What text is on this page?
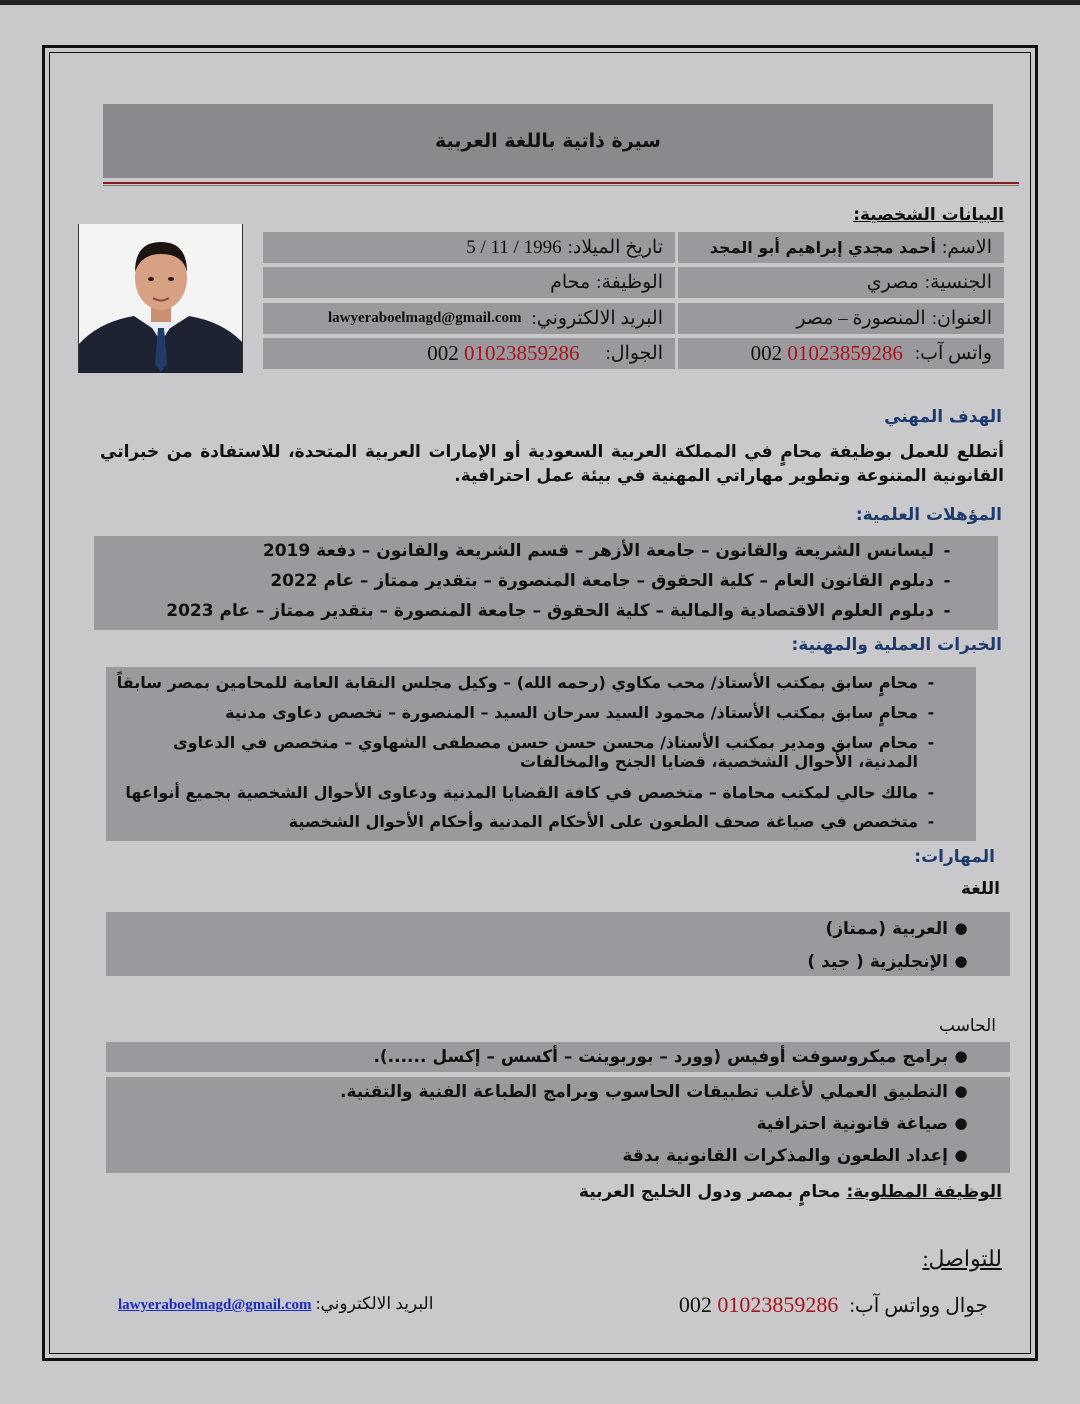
سيرة ذاتية باللغة العربية
البيانات الشخصية:
الاسم:
أحمد مجدي إبراهيم أبو المجد
تاريخ الميلاد:
5 / 11 / 1996
الجنسية:
مصري
الوظيفة:
محام
العنوان:
المنصورة – مصر
البريد الالكتروني:
lawyeraboelmagd@gmail.com
واتس آب:
002 01023859286
الجوال:
002 01023859286
الهدف المهني
أتطلع للعمل بوظيفة محامٍ في المملكة العربية السعودية أو الإمارات العربية المتحدة، للاستفادة من خبراتي القانونية المتنوعة وتطوير مهاراتي المهنية في بيئة عمل احترافية.
المؤهلات العلمية:
-
ليسانس الشريعة والقانون – جامعة الأزهر – قسم الشريعة والقانون – دفعة 2019
-
دبلوم القانون العام – كلية الحقوق – جامعة المنصورة – بتقدير ممتاز – عام 2022
-
دبلوم العلوم الاقتصادية والمالية – كلية الحقوق – جامعة المنصورة – بتقدير ممتاز – عام 2023
الخبرات العملية والمهنية:
-
محامٍ سابق بمكتب الأستاذ/ محب مكاوي (رحمه الله) – وكيل مجلس النقابة العامة للمحامين بمصر سابقاً
-
محامٍ سابق بمكتب الأستاذ/ محمود السيد سرحان السيد – المنصورة – تخصص دعاوى مدنية
-
محام سابق ومدير بمكتب الأستاذ/ محسن حسن حسن مصطفى الشهاوي – متخصص في الدعاوى
المدنية، الأحوال الشخصية، قضايا الجنح والمخالفات
-
مالك حالي لمكتب محاماة – متخصص في كافة القضايا المدنية ودعاوى الأحوال الشخصية بجميع أنواعها
-
متخصص في صياغة صحف الطعون على الأحكام المدنية وأحكام الأحوال الشخصية
المهارات:
اللغة
●
العربية (ممتاز)
●
الإنجليزية ( جيد )
الحاسب
●
برامج ميكروسوفت أوفيس (وورد – بوربوينت – أكسس – إكسل ......).
●
التطبيق العملي لأغلب تطبيقات الحاسوب وبرامج الطباعة الفنية والتقنية.
●
صياغة قانونية احترافية
●
إعداد الطعون والمذكرات القانونية بدقة
الوظيفة المطلوبة: محامٍ بمصر ودول الخليج العربية
للتواصل:
جوال وواتس آب: 002 01023859286
البريد الالكتروني: lawyeraboelmagd@gmail.com
